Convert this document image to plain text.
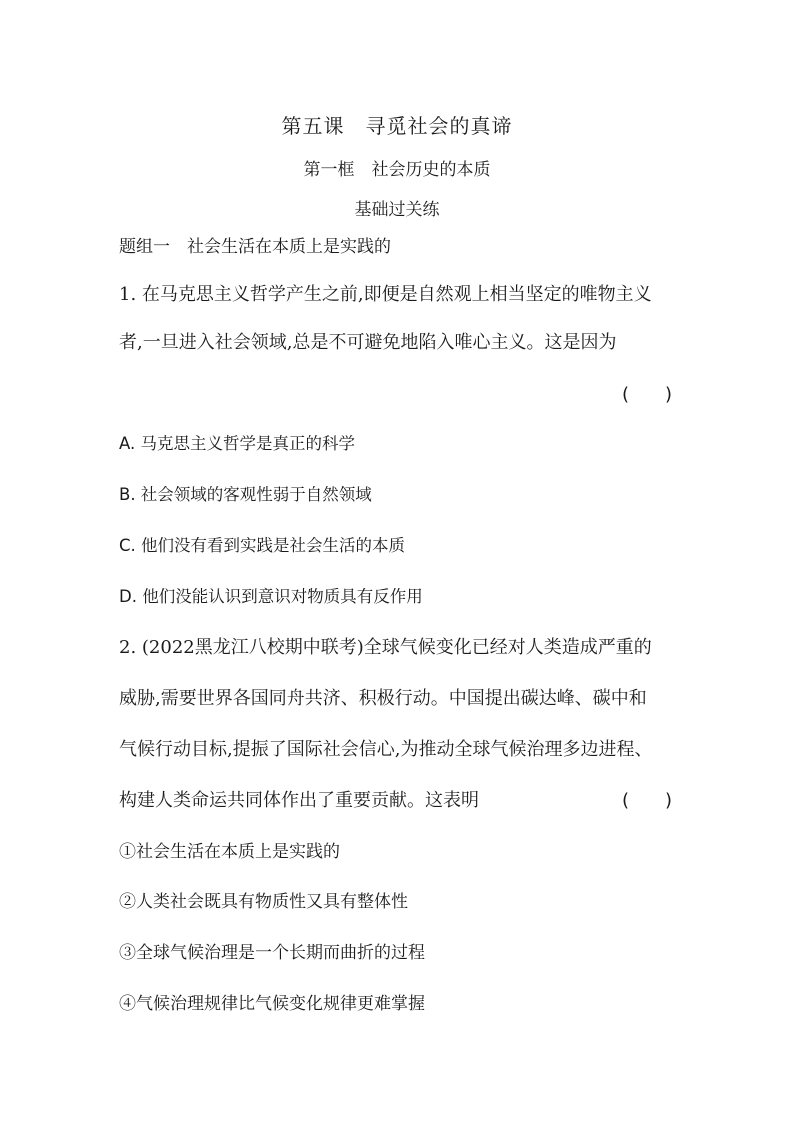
第五课　寻觅社会的真谛
第一框　社会历史的本质
基础过关练
题组一　社会生活在本质上是实践的
1. 在马克思主义哲学产生之前,即便是自然观上相当坚定的唯物主义
者,一旦进入社会领域,总是不可避免地陷入唯心主义。这是因为
(　　)
A. 马克思主义哲学是真正的科学
B. 社会领域的客观性弱于自然领域
C. 他们没有看到实践是社会生活的本质
D. 他们没能认识到意识对物质具有反作用
2. (2022黑龙江八校期中联考)全球气候变化已经对人类造成严重的
威胁,需要世界各国同舟共济、积极行动。中国提出碳达峰、碳中和
气候行动目标,提振了国际社会信心,为推动全球气候治理多边进程、
构建人类命运共同体作出了重要贡献。这表明	(　　)
①社会生活在本质上是实践的
②人类社会既具有物质性又具有整体性
③全球气候治理是一个长期而曲折的过程
④气候治理规律比气候变化规律更难掌握
